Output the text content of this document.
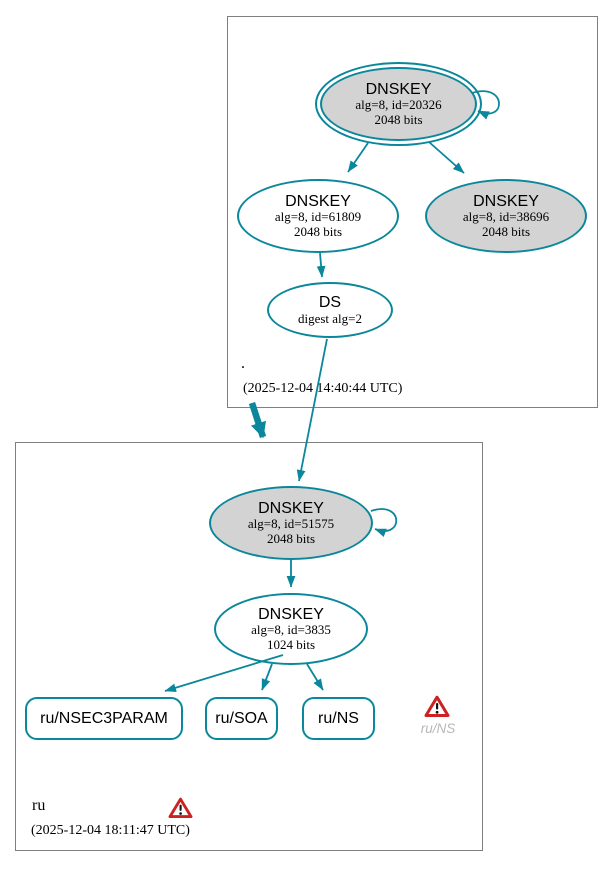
DNSKEY
alg=8, id=20326
2048 bits
DNSKEY
alg=8, id=61809
2048 bits
DNSKEY
alg=8, id=38696
2048 bits
DS
digest alg=2
.
(2025-12-04 14:40:44 UTC)
DNSKEY
alg=8, id=51575
2048 bits
DNSKEY
alg=8, id=3835
1024 bits
ru/NSEC3PARAM	ru/SOA	ru/NS
ru/NS
ru
(2025-12-04 18:11:47 UTC)
